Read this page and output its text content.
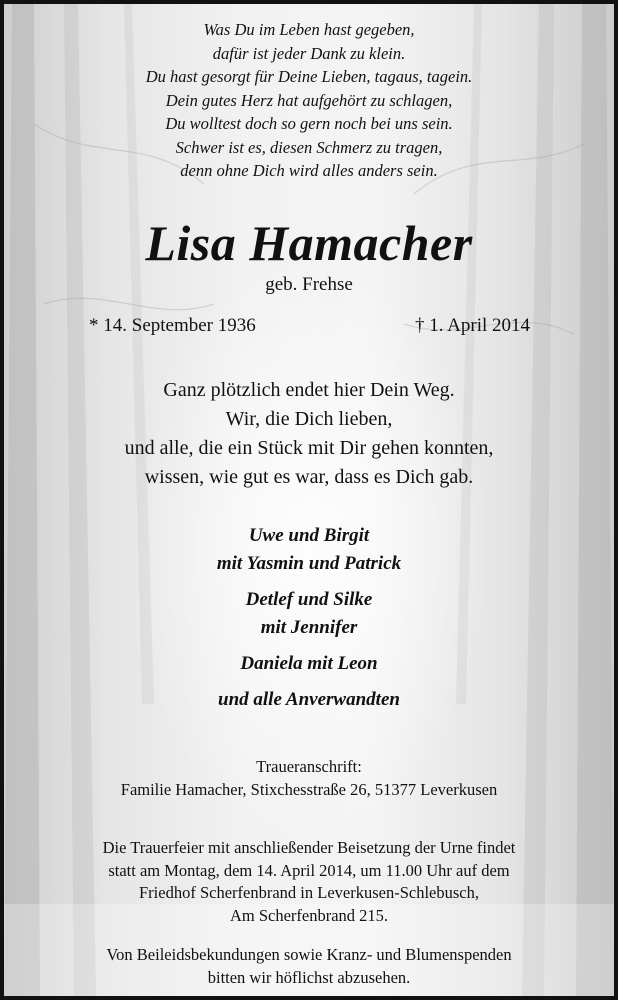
Was Du im Leben hast gegeben,
dafür ist jeder Dank zu klein.
Du hast gesorgt für Deine Lieben, tagaus, tagein.
Dein gutes Herz hat aufgehört zu schlagen,
Du wolltest doch so gern noch bei uns sein.
Schwer ist es, diesen Schmerz zu tragen,
denn ohne Dich wird alles anders sein.
Lisa Hamacher
geb. Frehse
* 14. September 1936	† 1. April 2014
Ganz plötzlich endet hier Dein Weg.
Wir, die Dich lieben,
und alle, die ein Stück mit Dir gehen konnten,
wissen, wie gut es war, dass es Dich gab.
Uwe und Birgit
mit Yasmin und Patrick
Detlef und Silke
mit Jennifer
Daniela mit Leon
und alle Anverwandten
Traueranschrift:
Familie Hamacher, Stixchesstraße 26, 51377 Leverkusen
Die Trauerfeier mit anschließender Beisetzung der Urne findet
statt am Montag, dem 14. April 2014, um 11.00 Uhr auf dem
Friedhof Scherfenbrand in Leverkusen-Schlebusch,
Am Scherfenbrand 215.
Von Beileidsbekundungen sowie Kranz- und Blumenspenden
bitten wir höflichst abzusehen.
